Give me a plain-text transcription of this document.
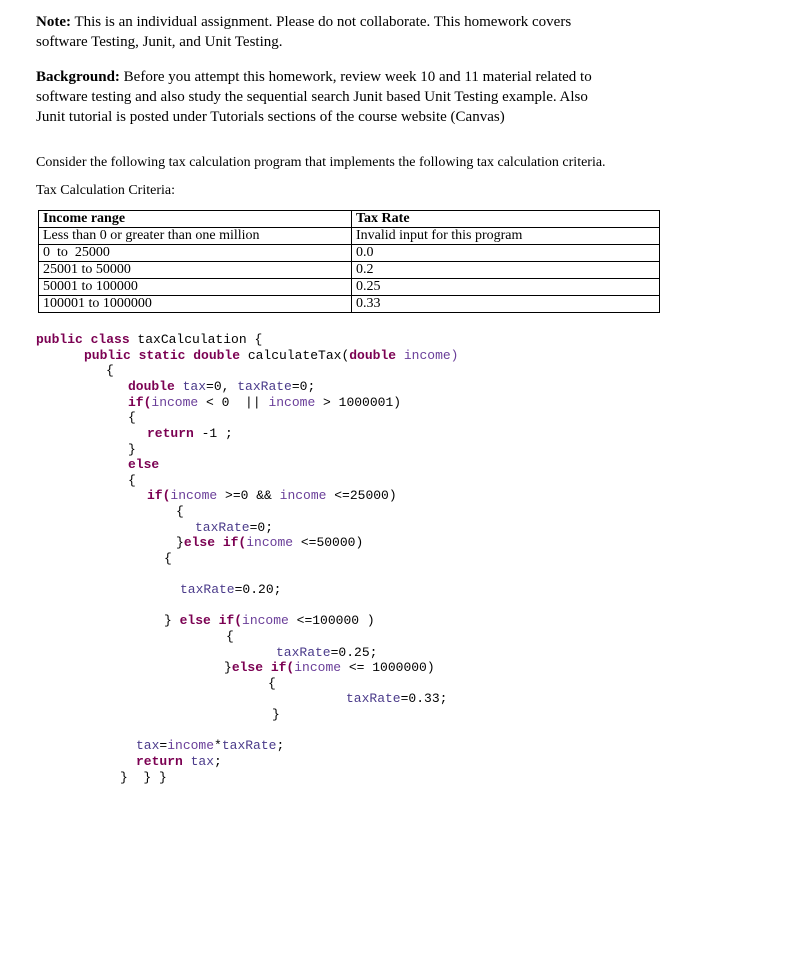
Note: This is an individual assignment. Please do not collaborate. This homework covers
software Testing, Junit, and Unit Testing.

Background: Before you attempt this homework, review week 10 and 11 material related to
software testing and also study the sequential search Junit based Unit Testing example. Also
Junit tutorial is posted under Tutorials sections of the course website (Canvas)

Consider the following tax calculation program that implements the following tax calculation criteria.

Tax Calculation Criteria:

Income range	Tax Rate
Less than 0 or greater than one million	Invalid input for this program
0  to  25000	0.0
25001 to 50000	0.2
50001 to 100000	0.25
100001 to 1000000	0.33
public class taxCalculation {
public static double calculateTax(double income)
{
double tax=0, taxRate=0;
if(income < 0  || income > 1000001)
{
return -1 ;
}
else
{
if(income >=0 && income <=25000)
{
taxRate=0;
}else if(income <=50000)
{
taxRate=0.20;
} else if(income <=100000 )
{
taxRate=0.25;
}else if(income <= 1000000)
{
taxRate=0.33;
}
tax=income*taxRate;
return tax;
}  } }
